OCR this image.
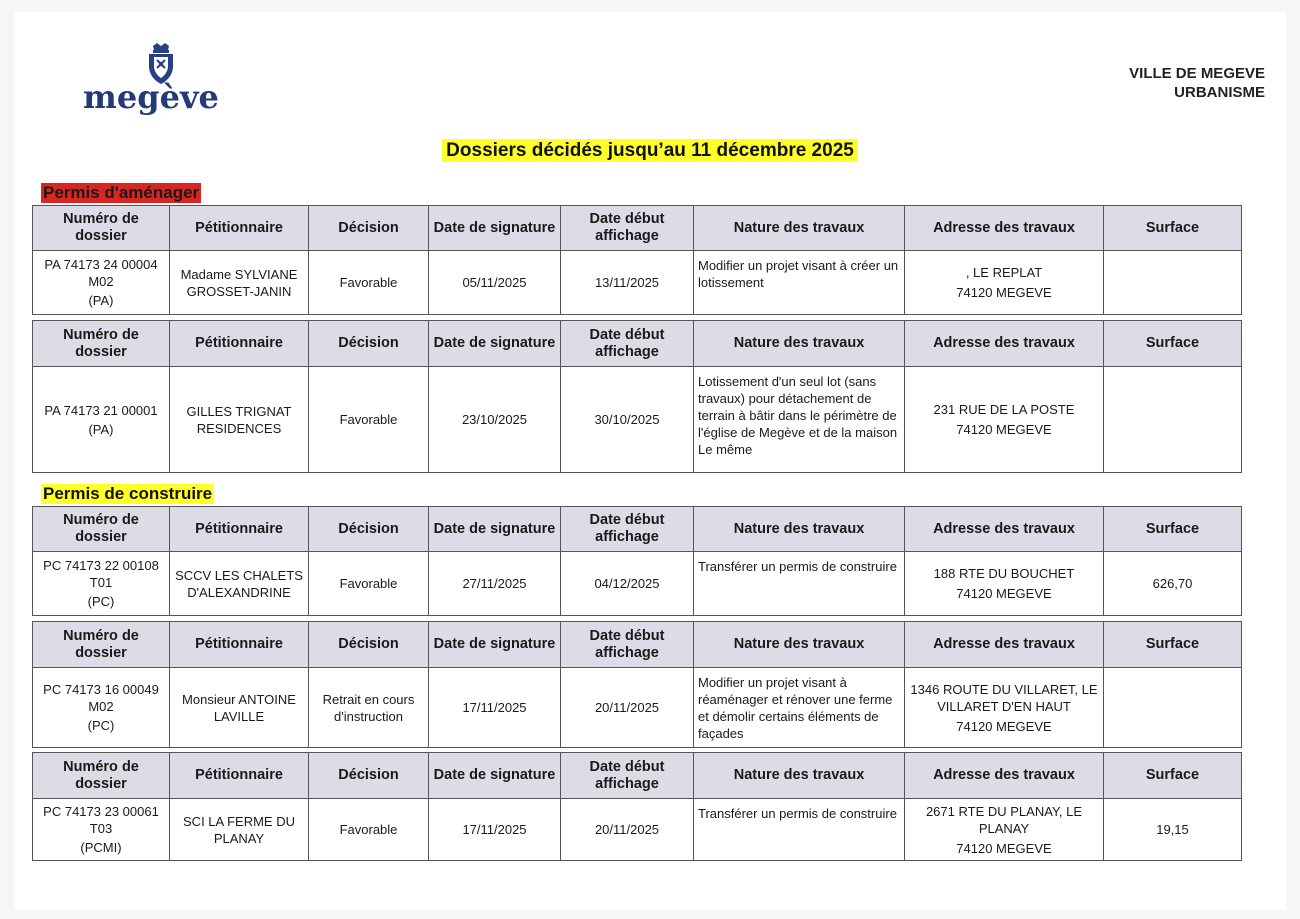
megève
VILLE DE MEGEVE
URBANISME
Dossiers décidés jusqu’au 11 décembre 2025
Permis d'aménager
Permis de construire
Numéro de dossier	Pétitionnaire	Décision	Date de signature	Date début affichage	Nature des travaux	Adresse des travaux	Surface
PA 74173 24 00004 M02
(PA)	Madame SYLVIANE GROSSET-JANIN	Favorable	05/11/2025	13/11/2025	Modifier un projet visant à créer un lotissement	, LE REPLAT
74120 MEGEVE	

Numéro de dossier	Pétitionnaire	Décision	Date de signature	Date début affichage	Nature des travaux	Adresse des travaux	Surface
PA 74173 21 00001
(PA)	GILLES TRIGNAT RESIDENCES	Favorable	23/10/2025	30/10/2025	Lotissement d'un seul lot (sans travaux) pour détachement de terrain à bâtir dans le périmètre de l'église de Megève et de la maison Le même	231 RUE DE LA POSTE
74120 MEGEVE	

Numéro de dossier	Pétitionnaire	Décision	Date de signature	Date début affichage	Nature des travaux	Adresse des travaux	Surface
PC 74173 22 00108 T01
(PC)	SCCV LES CHALETS D'ALEXANDRINE	Favorable	27/11/2025	04/12/2025	Transférer un permis de construire	188 RTE DU BOUCHET
74120 MEGEVE	626,70
Numéro de dossier	Pétitionnaire	Décision	Date de signature	Date début affichage	Nature des travaux	Adresse des travaux	Surface
PC 74173 16 00049 M02
(PC)	Monsieur ANTOINE LAVILLE	Retrait en cours d'instruction	17/11/2025	20/11/2025	Modifier un projet visant à réaménager et rénover une ferme et démolir certains éléments de façades	1346 ROUTE DU VILLARET, LE VILLARET D'EN HAUT
74120 MEGEVE	

Numéro de dossier	Pétitionnaire	Décision	Date de signature	Date début affichage	Nature des travaux	Adresse des travaux	Surface
PC 74173 23 00061 T03
(PCMI)	SCI LA FERME DU PLANAY	Favorable	17/11/2025	20/11/2025	Transférer un permis de construire	2671 RTE DU PLANAY, LE PLANAY
74120 MEGEVE	19,15
